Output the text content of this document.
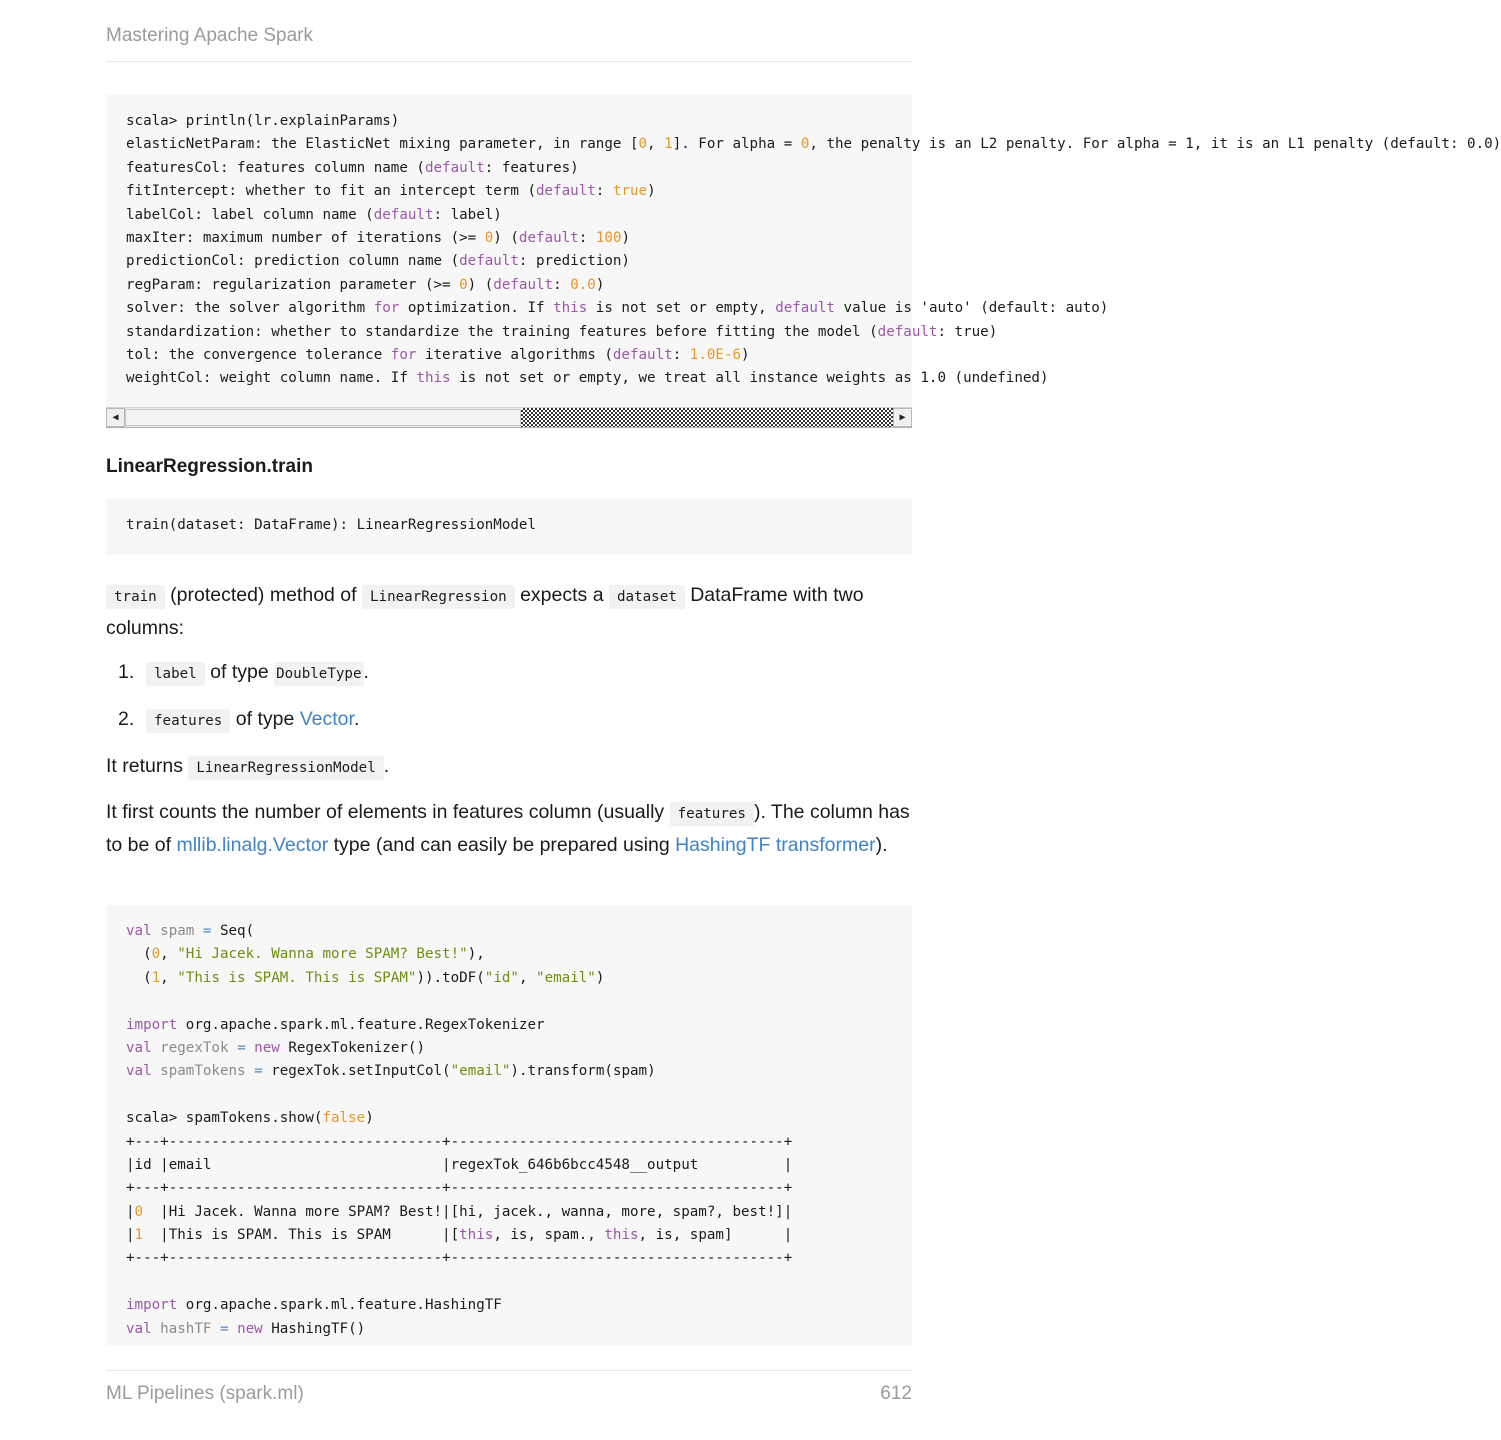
Mastering Apache Spark
scala> println(lr.explainParams)
elasticNetParam: the ElasticNet mixing parameter, in range [0, 1]. For alpha = 0, the penalty is an L2 penalty. For alpha = 1, it is an L1 penalty (default: 0.0)
featuresCol: features column name (default: features)
fitIntercept: whether to fit an intercept term (default: true)
labelCol: label column name (default: label)
maxIter: maximum number of iterations (>= 0) (default: 100)
predictionCol: prediction column name (default: prediction)
regParam: regularization parameter (>= 0) (default: 0.0)
solver: the solver algorithm for optimization. If this is not set or empty, default value is 'auto' (default: auto)
standardization: whether to standardize the training features before fitting the model (default: true)
tol: the convergence tolerance for iterative algorithms (default: 1.0E-6)
weightCol: weight column name. If this is not set or empty, we treat all instance weights as 1.0 (undefined)
◀	▶
LinearRegression.train
train(dataset: DataFrame): LinearRegressionModel
train (protected) method of LinearRegression expects a dataset DataFrame with two columns:
1. label of type DoubleType .
2. features of type Vector.
It returns LinearRegressionModel .
It first counts the number of elements in features column (usually features ). The column has to be of mllib.linalg.Vector type (and can easily be prepared using HashingTF transformer).
val spam = Seq(
(0, "Hi Jacek. Wanna more SPAM? Best!"),
(1, "This is SPAM. This is SPAM")).toDF("id", "email")

import org.apache.spark.ml.feature.RegexTokenizer
val regexTok = new RegexTokenizer()
val spamTokens = regexTok.setInputCol("email").transform(spam)

scala> spamTokens.show(false)
+---+--------------------------------+---------------------------------------+
|id |email                           |regexTok_646b6bcc4548__output          |
+---+--------------------------------+---------------------------------------+
|0  |Hi Jacek. Wanna more SPAM? Best!|[hi, jacek., wanna, more, spam?, best!]|
|1  |This is SPAM. This is SPAM      |[this, is, spam., this, is, spam]      |
+---+--------------------------------+---------------------------------------+

import org.apache.spark.ml.feature.HashingTF
val hashTF = new HashingTF()
ML Pipelines (spark.ml)	612
